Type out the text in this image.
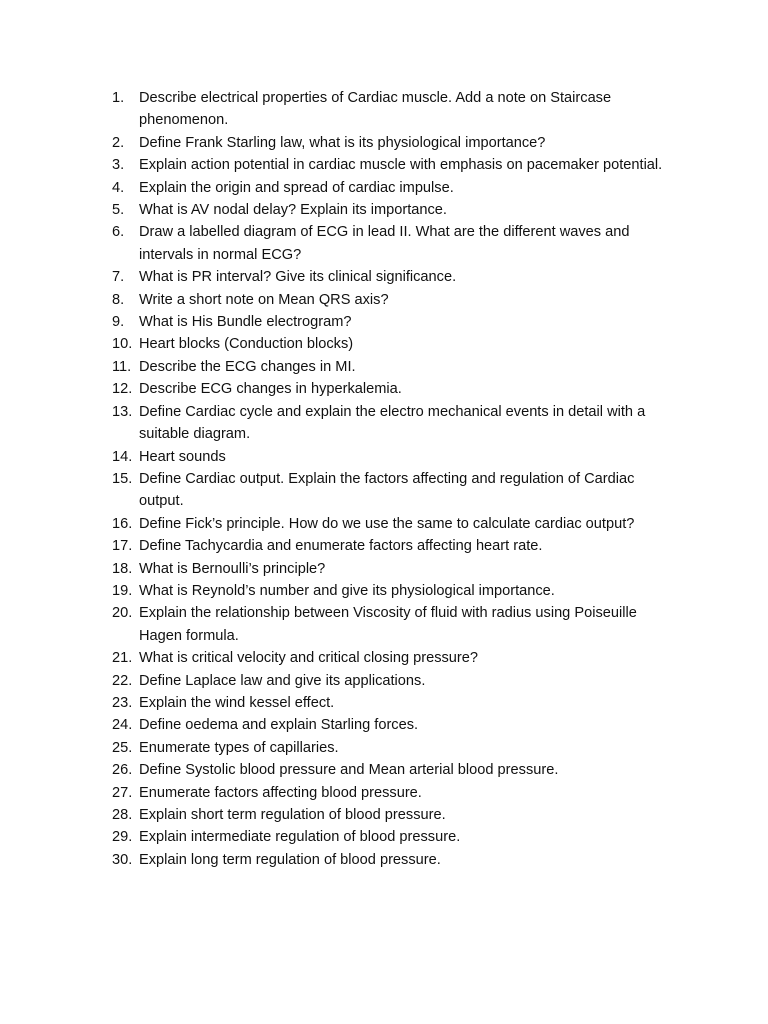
1.	Describe electrical properties of Cardiac muscle. Add a note on Staircase phenomenon.
2.	Define Frank Starling law, what is its physiological importance?
3.	Explain action potential in cardiac muscle with emphasis on pacemaker potential.
4.	Explain the origin and spread of cardiac impulse.
5.	What is AV nodal delay? Explain its importance.
6.	Draw a labelled diagram of ECG in lead II. What are the different waves and intervals in normal ECG?
7.	What is PR interval? Give its clinical significance.
8.	Write a short note on Mean QRS axis?
9.	What is His Bundle electrogram?
10. Heart blocks (Conduction blocks)
11. Describe the ECG changes in MI.
12. Describe ECG changes in hyperkalemia.
13. Define Cardiac cycle and explain the electro mechanical events in detail with a suitable diagram.
14. Heart sounds
15. Define Cardiac output. Explain the factors affecting and regulation of Cardiac output.
16. Define Fick’s principle. How do we use the same to calculate cardiac output?
17. Define Tachycardia and enumerate factors affecting heart rate.
18. What is Bernoulli’s principle?
19. What is Reynold’s number and give its physiological importance.
20. Explain the relationship between Viscosity of fluid with radius using Poiseuille Hagen formula.
21. What is critical velocity and critical closing pressure?
22. Define Laplace law and give its applications.
23. Explain the wind kessel effect.
24. Define oedema and explain Starling forces.
25. Enumerate types of capillaries.
26. Define Systolic blood pressure and Mean arterial blood pressure.
27. Enumerate factors affecting blood pressure.
28. Explain short term regulation of blood pressure.
29. Explain intermediate regulation of blood pressure.
30. Explain long term regulation of blood pressure.
